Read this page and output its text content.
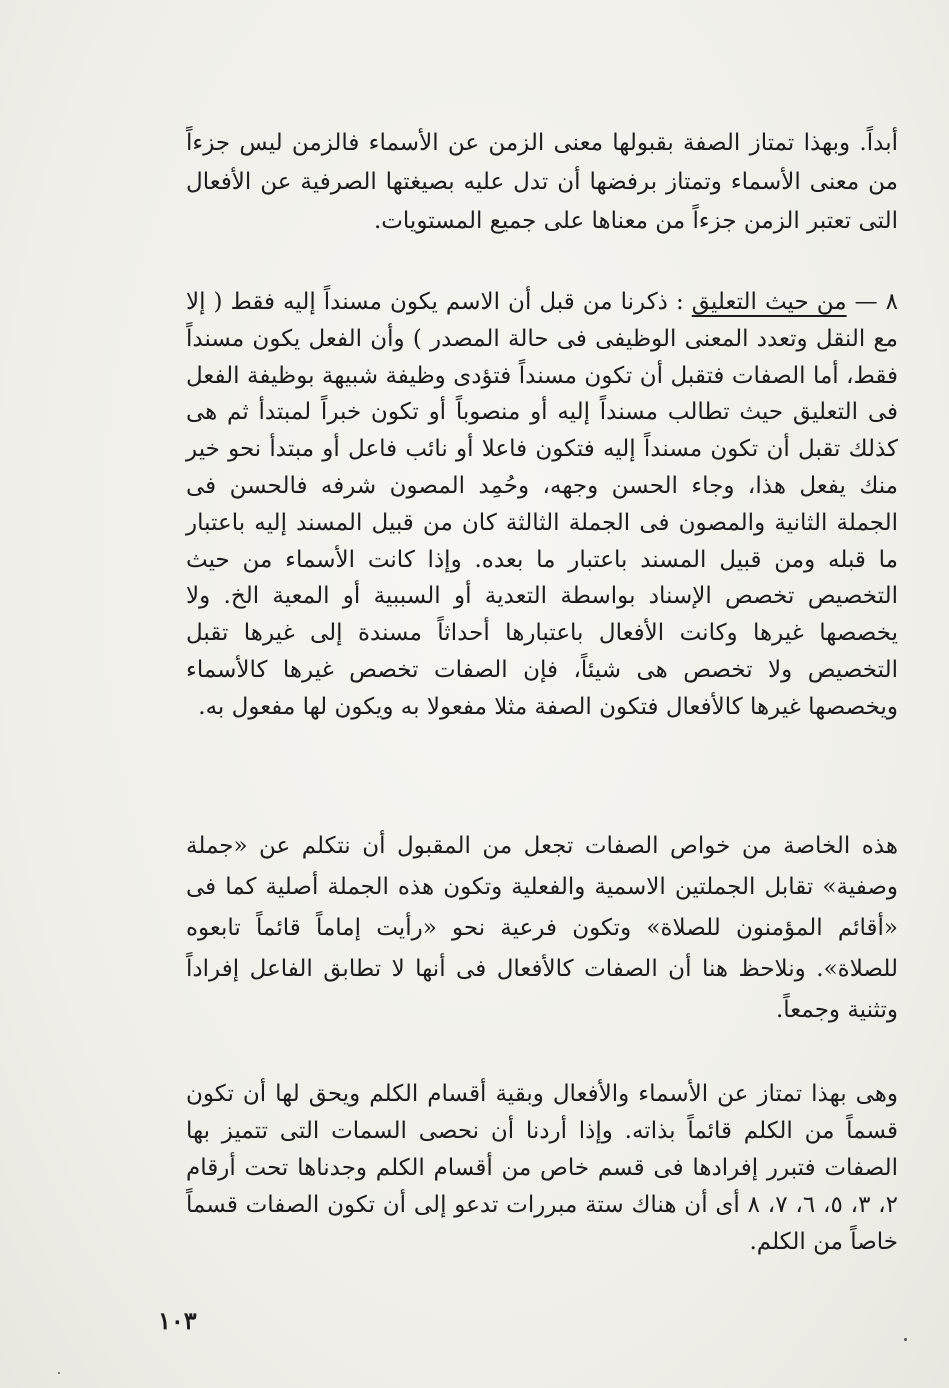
أبداً. وبهذا تمتاز الصفة بقبولها معنى الزمن عن الأسماء فالزمن ليس جزءاً من معنى الأسماء وتمتاز برفضها أن تدل عليه بصيغتها الصرفية عن الأفعال التى تعتبر الزمن جزءاً من معناها على جميع المستويات.

٨ — من حيث التعليق : ذكرنا من قبل أن الاسم يكون مسنداً إليه فقط ( إلا مع النقل وتعدد المعنى الوظيفى فى حالة المصدر ) وأن الفعل يكون مسنداً فقط، أما الصفات فتقبل أن تكون مسنداً فتؤدى وظيفة شبيهة بوظيفة الفعل فى التعليق حيث تطالب مسنداً إليه أو منصوباً أو تكون خبراً لمبتدأ ثم هى كذلك تقبل أن تكون مسنداً إليه فتكون فاعلا أو نائب فاعل أو مبتدأ نحو خير منك يفعل هذا، وجاء الحسن وجهه، وحُمِد المصون شرفه فالحسن فى الجملة الثانية والمصون فى الجملة الثالثة كان من قبيل المسند إليه باعتبار ما قبله ومن قبيل المسند باعتبار ما بعده. وإذا كانت الأسماء من حيث التخصيص تخصص الإسناد بواسطة التعدية أو السببية أو المعية الخ. ولا يخصصها غيرها وكانت الأفعال باعتبارها أحداثاً مسندة إلى غيرها تقبل التخصيص ولا تخصص هى شيئاً، فإن الصفات تخصص غيرها كالأسماء ويخصصها غيرها كالأفعال فتكون الصفة مثلا مفعولا به ويكون لها مفعول به.

هذه الخاصة من خواص الصفات تجعل من المقبول أن نتكلم عن «جملة وصفية» تقابل الجملتين الاسمية والفعلية وتكون هذه الجملة أصلية كما فى «أقائم المؤمنون للصلاة» وتكون فرعية نحو «رأيت إماماً قائماً تابعوه للصلاة». ونلاحظ هنا أن الصفات كالأفعال فى أنها لا تطابق الفاعل إفراداً وتثنية وجمعاً.

وهى بهذا تمتاز عن الأسماء والأفعال وبقية أقسام الكلم ويحق لها أن تكون قسماً من الكلم قائماً بذاته. وإذا أردنا أن نحصى السمات التى تتميز بها الصفات فتبرر إفرادها فى قسم خاص من أقسام الكلم وجدناها تحت أرقام ٢، ٣، ٥، ٦، ٧، ٨ أى أن هناك ستة مبررات تدعو إلى أن تكون الصفات قسماً خاصاً من الكلم.

١٠٣
